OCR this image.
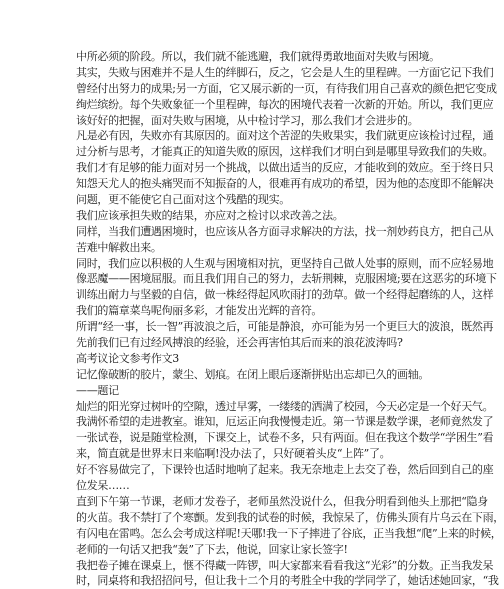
中所必须的阶段。所以，我们就不能逃避，我们就得勇敢地面对失败与困境。
其实，失败与困难并不是人生的绊脚石，反之，它会是人生的里程碑。一方面它记下我们
曾经付出努力的成果;另一方面，它又展示新的一页，有待我们用自己喜欢的颜色把它变成
绚烂缤纷。每个失败象征一个里程碑，每次的困境代表着一次新的开始。所以，我们更应
该好好的把握，面对失败与困境，从中检讨学习，那么我们才会进步的。
凡是必有因，失败亦有其原因的。面对这个苦涩的失败果实，我们就更应该检讨过程，通
过分析与思考，才能真正的知道失败的原因，这样我们才明白到是哪里导致我们的失败。
我们才有足够的能力面对另一个挑战，以做出适当的反应，才能收到的效应。至于终日只
知怨天尤人的抱头痛哭而不知振奋的人，很难再有成功的希望，因为他的态度即不能解决
问题，更不能使它自己面对这个残酷的现实。
我们应该承担失败的结果，亦应对之检讨以求改善之法。
同样，当我们遭遇困境时，也应该从各方面寻求解决的方法，找一剂妙药良方，把自己从
苦难中解救出来。
同时，我们应以积极的人生观与困境相对抗，更坚持自己做人处事的原则，而不应轻易地
像恶魔——困境屈服。而且我们用自己的努力，去斩荆棘，克服困境;要在这恶劣的环境下
训练出耐力与坚毅的自信，做一株经得起风吹雨打的劲草。做一个经得起磨练的人，这样
我们的篇章菜鸟呢佝丽多彩，才能发出光辉的音符。
所谓“经一事，长一智”再波浪之后，可能是静浪，亦可能为另一个更巨大的波浪，既然再
先前我们已有过经风搏浪的经验，还会再害怕其后而来的浪花波涛吗?
高考议论文参考作文3
记忆像破断的胶片，蒙尘、划痕。在闭上眼后逐渐拼贴出忘却已久的画轴。
——题记
灿烂的阳光穿过树叶的空隙，透过早雾，一缕缕的洒满了校园，今天必定是一个好天气。
我满怀希望的走进教室。谁知，厄运正向我慢慢走近。第一节课是数学课，老师竟然发了
一张试卷，说是随堂检测，下课交上，试卷不多，只有两面。但在我这个数学“学困生”看
来，简直就是世界末日来临啊!没办法了，只好硬着头皮“上阵”了。
好不容易做完了，下课铃也适时地响了起来。我无奈地走上去交了卷，然后回到自己的座
位发呆……
直到下午第一节课，老师才发卷子，老师虽然没说什么，但我分明看到他头上那把“隐身
的火苗。我不禁打了个寒颤。发到我的试卷的时候，我惊呆了，仿佛头顶有片乌云在下雨，
有闪电在雷鸣。怎么会考成这样呢!天哪!我一下子摔进了谷底，正当我想“爬”上来的时候，
老师的一句话又把我“轰”了下去，他说，回家让家长签字!
我把卷子摊在课桌上，惬不得藏一阵锣，叫大家都来看看我这“光彩”的分数。正当我发呆
时，同桌将和我招招问号，但让我十二个月的考胜全中我的学同学了，她话述她回家，“我
